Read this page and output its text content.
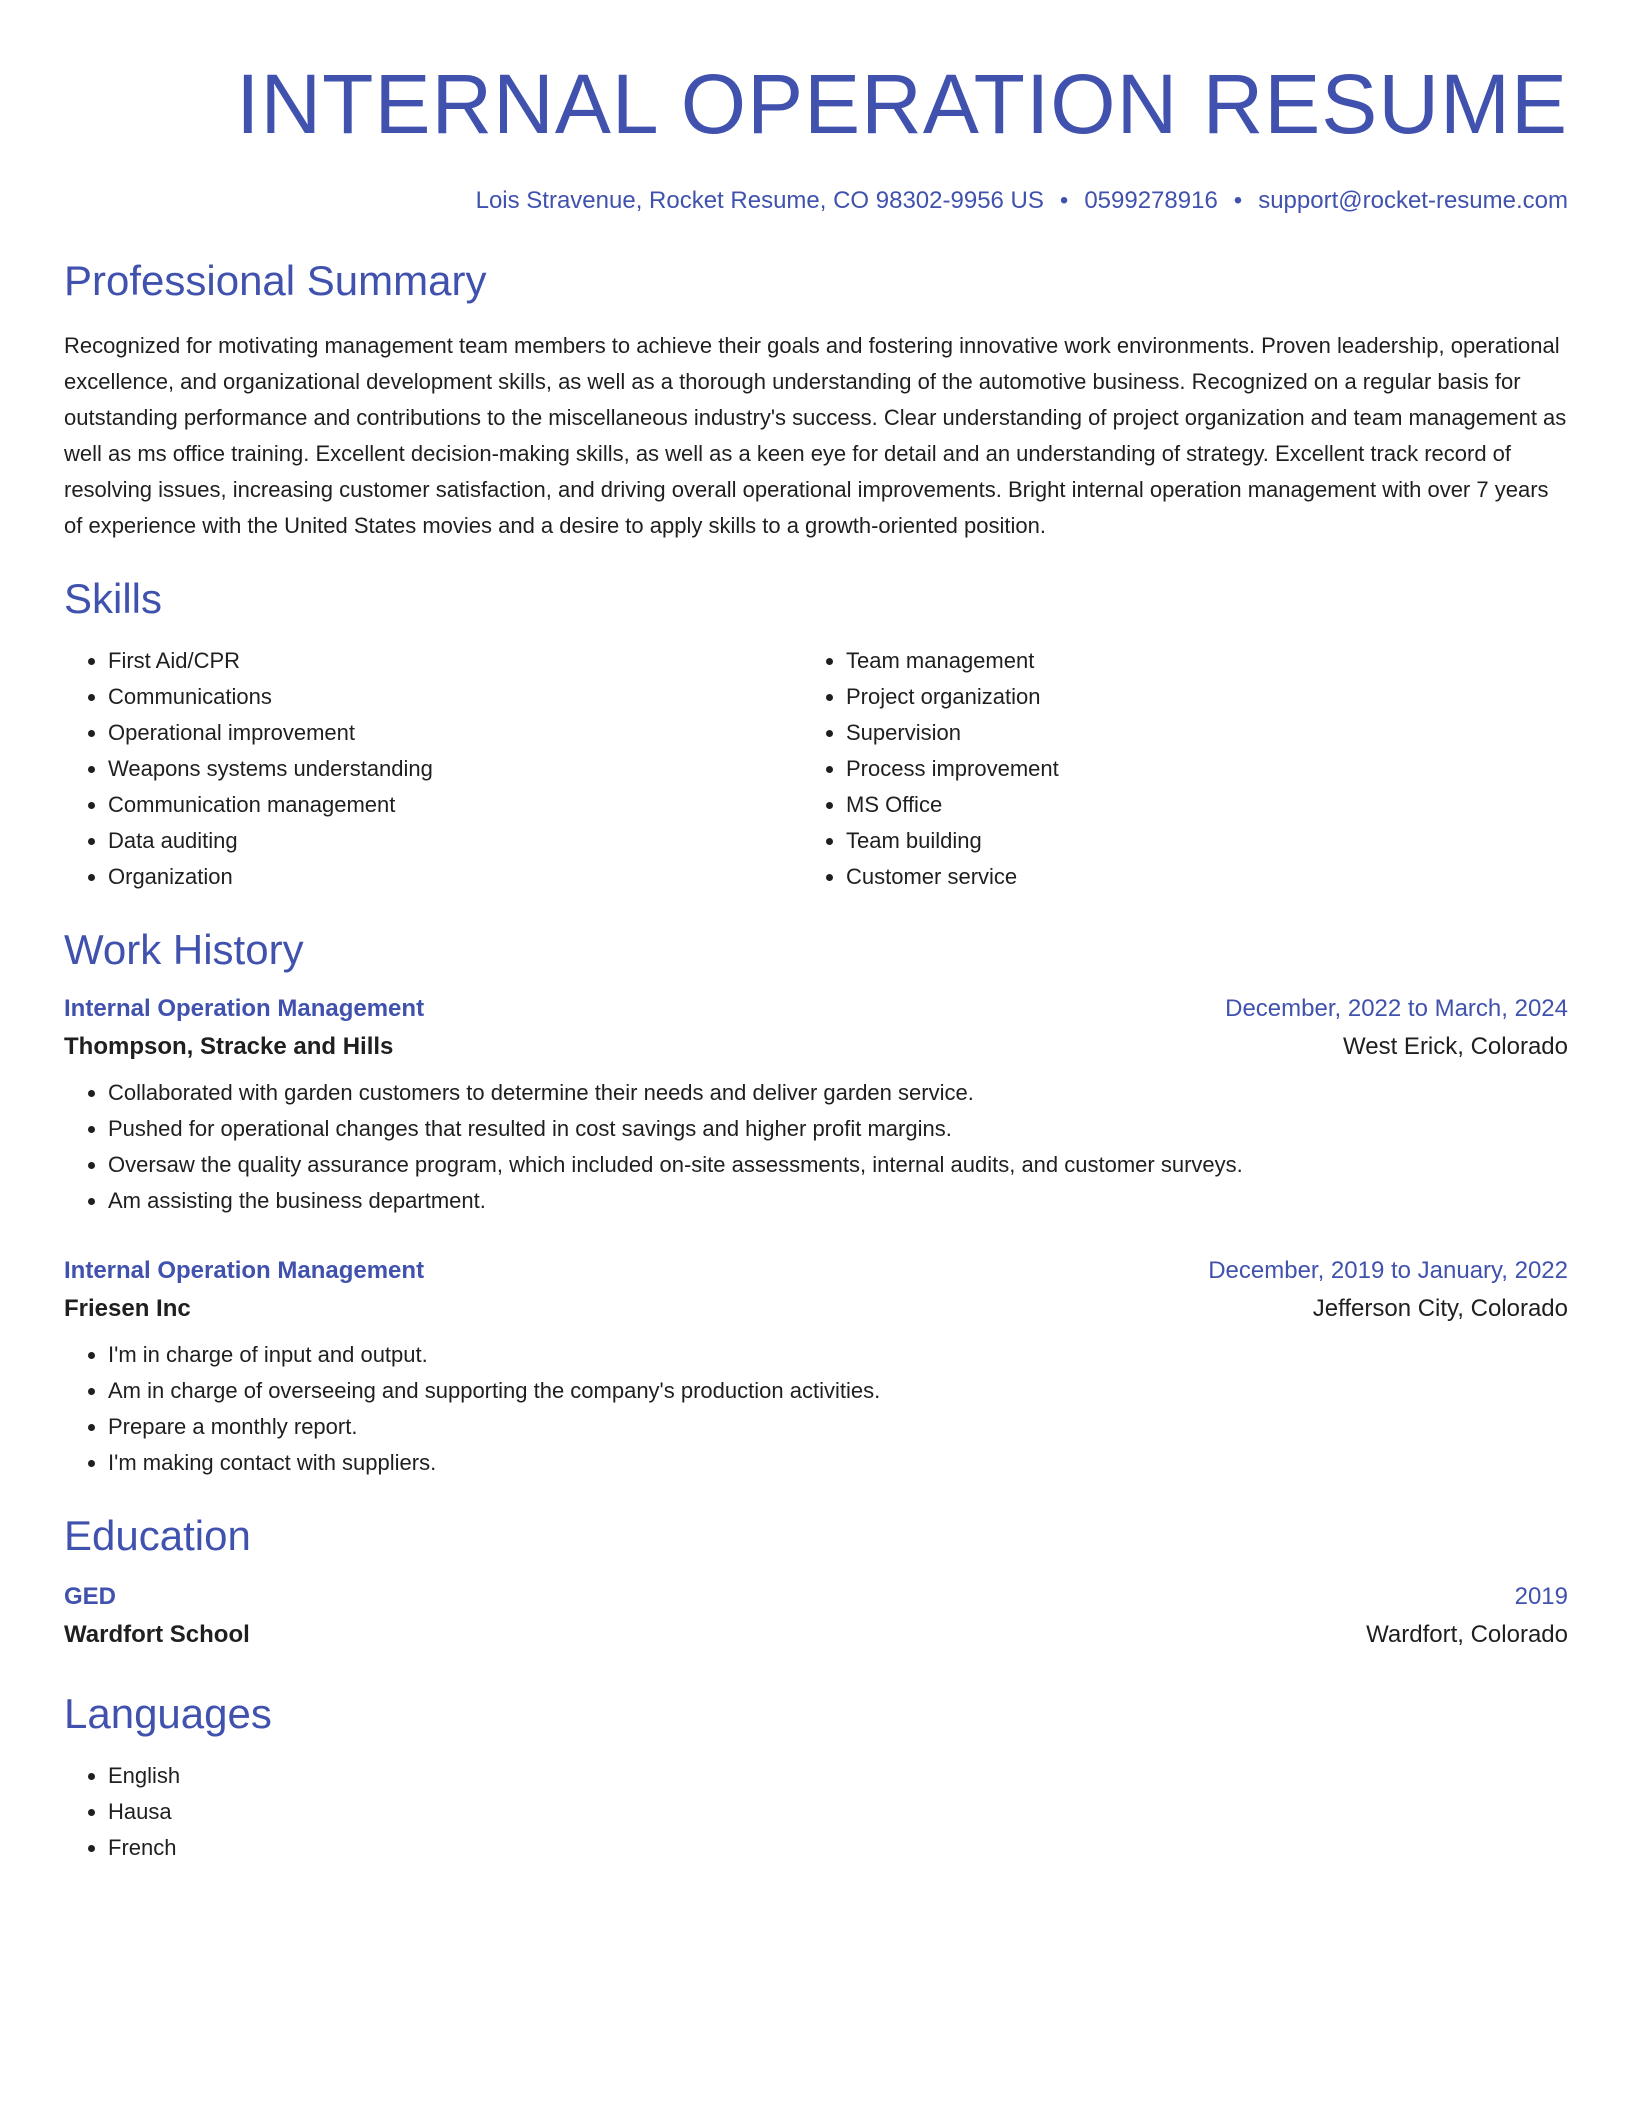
INTERNAL OPERATION RESUME
Lois Stravenue, Rocket Resume, CO 98302-9956 US • 0599278916 • support@rocket-resume.com
Professional Summary
Recognized for motivating management team members to achieve their goals and fostering innovative work environments. Proven leadership, operational excellence, and organizational development skills, as well as a thorough understanding of the automotive business. Recognized on a regular basis for outstanding performance and contributions to the miscellaneous industry's success. Clear understanding of project organization and team management as well as ms office training. Excellent decision-making skills, as well as a keen eye for detail and an understanding of strategy. Excellent track record of resolving issues, increasing customer satisfaction, and driving overall operational improvements. Bright internal operation management with over 7 years of experience with the United States movies and a desire to apply skills to a growth-oriented position.
Skills
• First Aid/CPR
• Communications
• Operational improvement
• Weapons systems understanding
• Communication management
• Data auditing
• Organization
• Team management
• Project organization
• Supervision
• Process improvement
• MS Office
• Team building
• Customer service
Work History
Internal Operation Management	December, 2022 to March, 2024
Thompson, Stracke and Hills	West Erick, Colorado
• Collaborated with garden customers to determine their needs and deliver garden service.
• Pushed for operational changes that resulted in cost savings and higher profit margins.
• Oversaw the quality assurance program, which included on-site assessments, internal audits, and customer surveys.
• Am assisting the business department.
Internal Operation Management	December, 2019 to January, 2022
Friesen Inc	Jefferson City, Colorado
• I'm in charge of input and output.
• Am in charge of overseeing and supporting the company's production activities.
• Prepare a monthly report.
• I'm making contact with suppliers.
Education
GED	2019
Wardfort School	Wardfort, Colorado
Languages
• English
• Hausa
• French
